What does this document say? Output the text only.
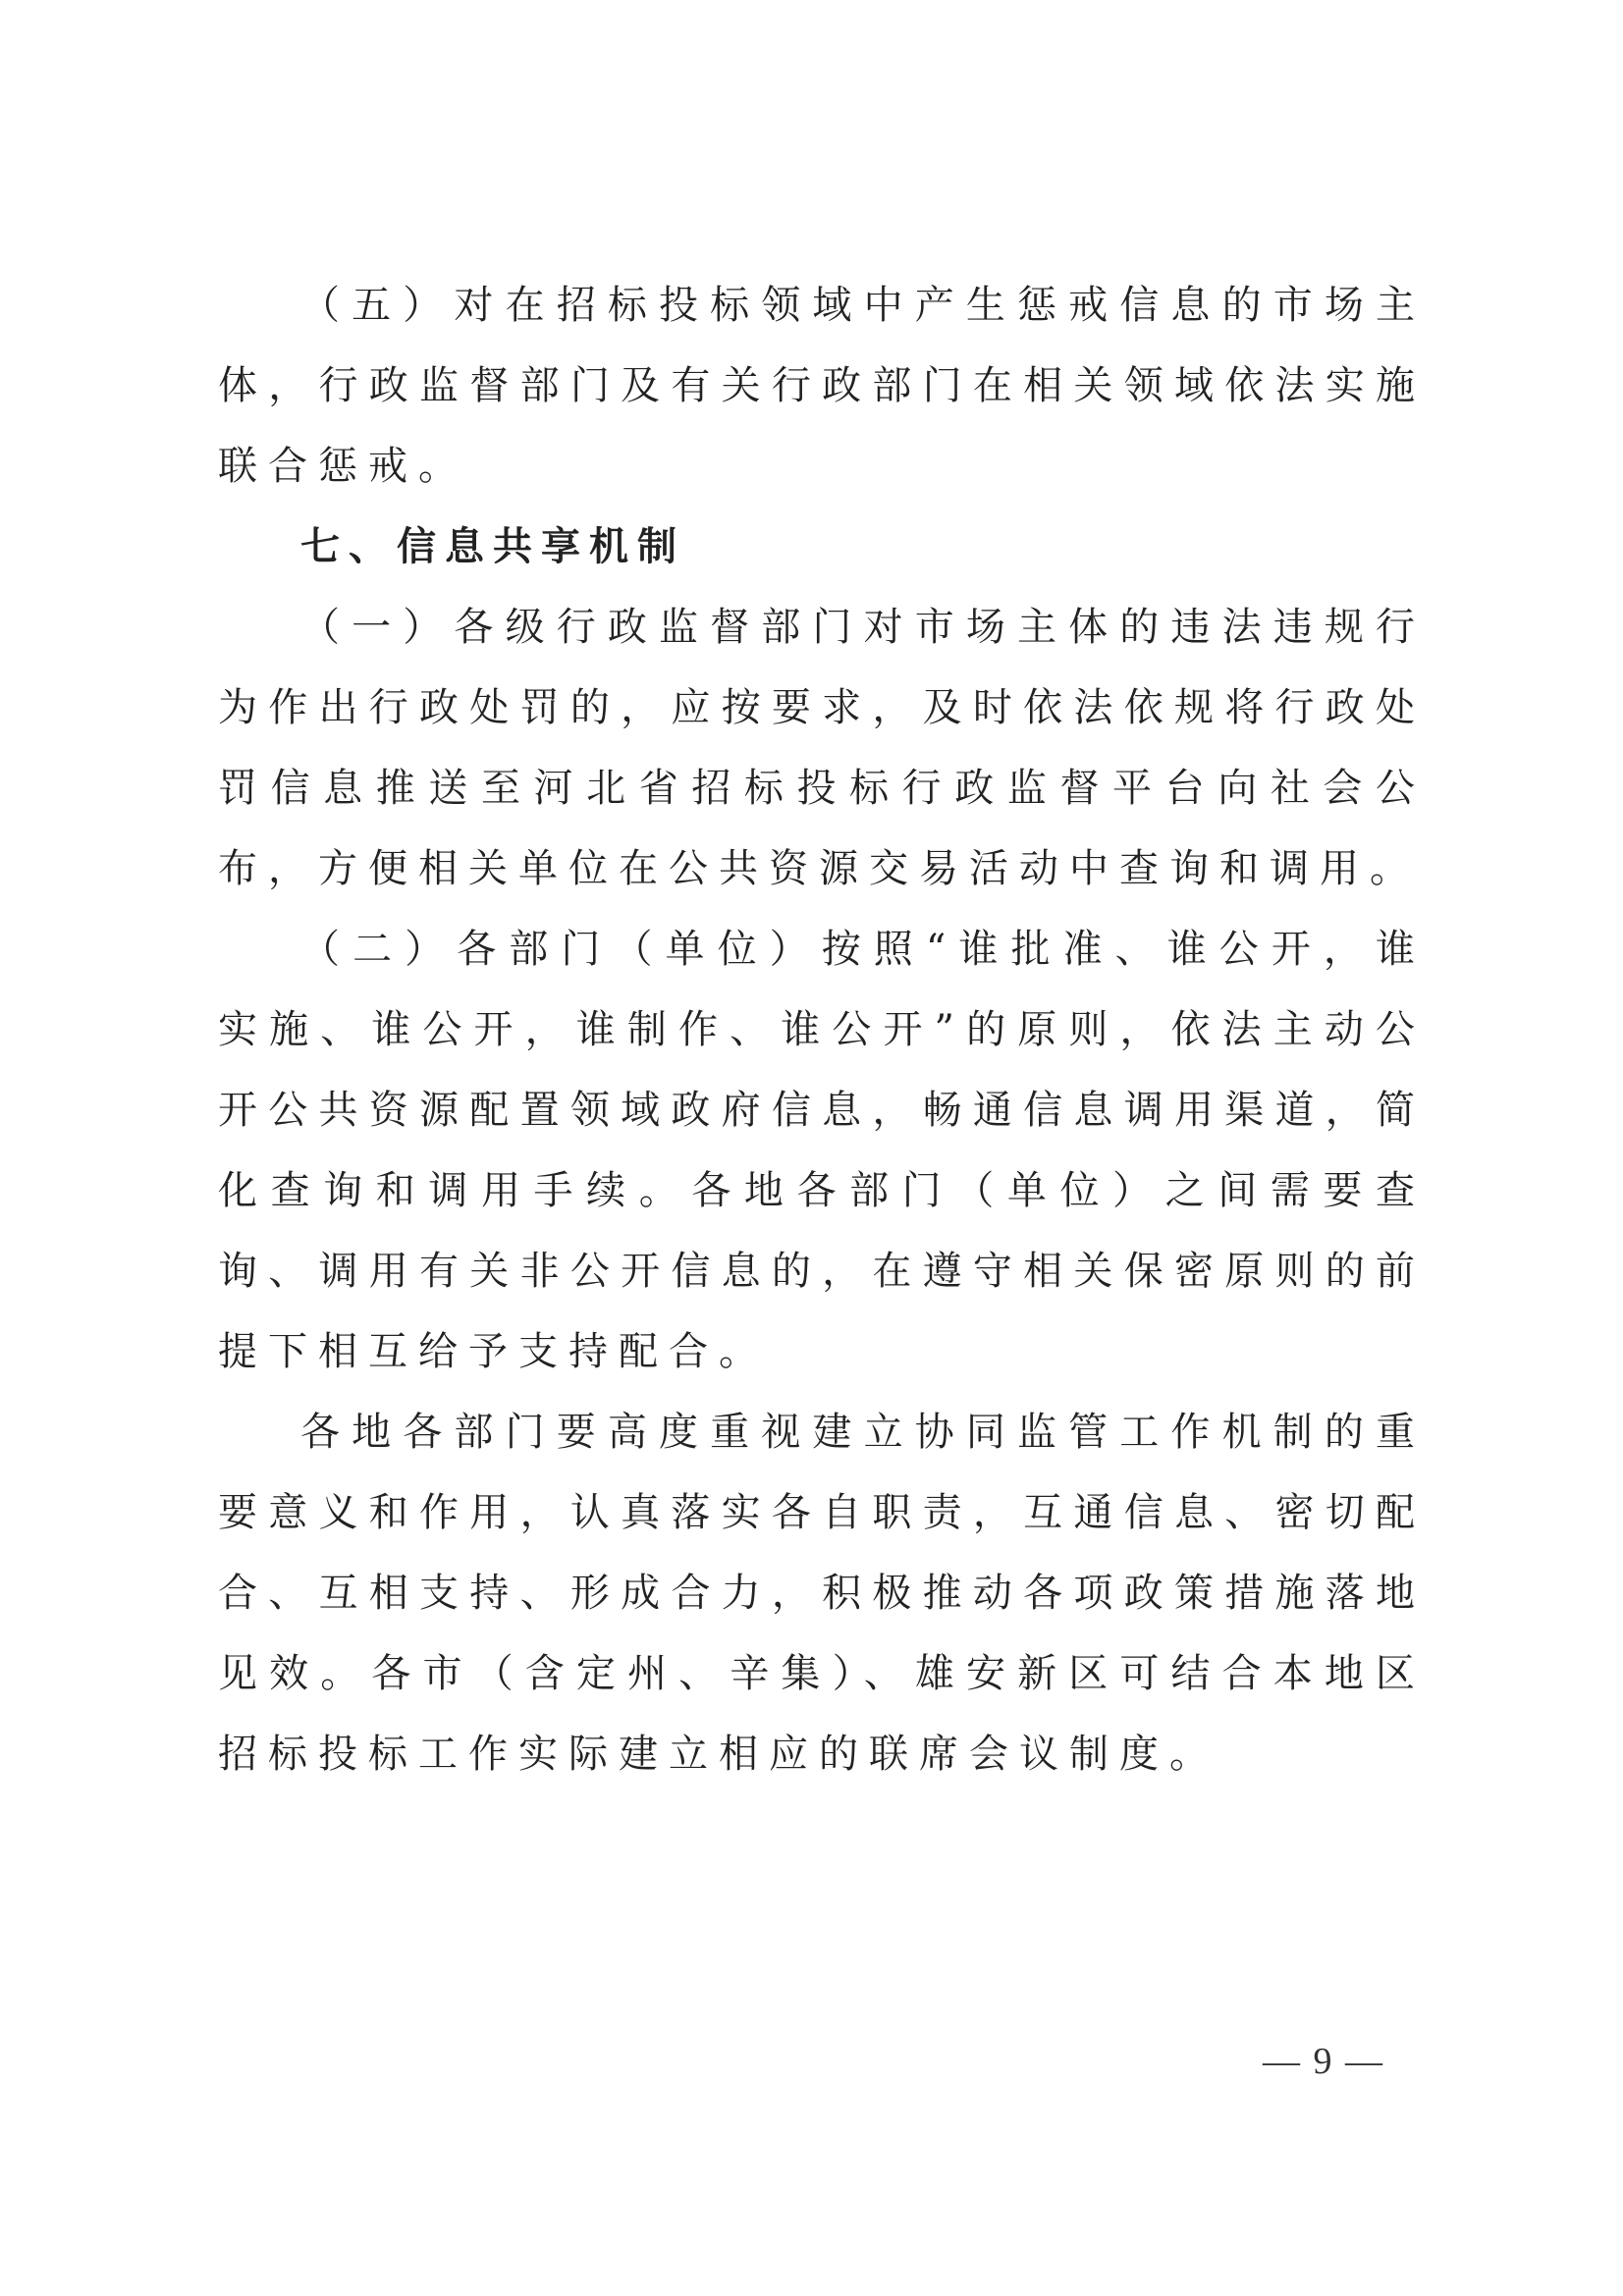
（五）对在招标投标领域中产生惩戒信息的市场主体，行政监督部门及有关行政部门在相关领域依法实施联合惩戒。

七、信息共享机制

（一）各级行政监督部门对市场主体的违法违规行为作出行政处罚的，应按要求，及时依法依规将行政处罚信息推送至河北省招标投标行政监督平台向社会公布，方便相关单位在公共资源交易活动中查询和调用。

（二）各部门（单位）按照“谁批准、谁公开，谁实施、谁公开，谁制作、谁公开”的原则，依法主动公开公共资源配置领域政府信息，畅通信息调用渠道，简化查询和调用手续。各地各部门（单位）之间需要查询、调用有关非公开信息的，在遵守相关保密原则的前提下相互给予支持配合。

各地各部门要高度重视建立协同监管工作机制的重要意义和作用，认真落实各自职责，互通信息、密切配合、互相支持、形成合力，积极推动各项政策措施落地见效。各市（含定州、辛集）、雄安新区可结合本地区招标投标工作实际建立相应的联席会议制度。

— 9 —
